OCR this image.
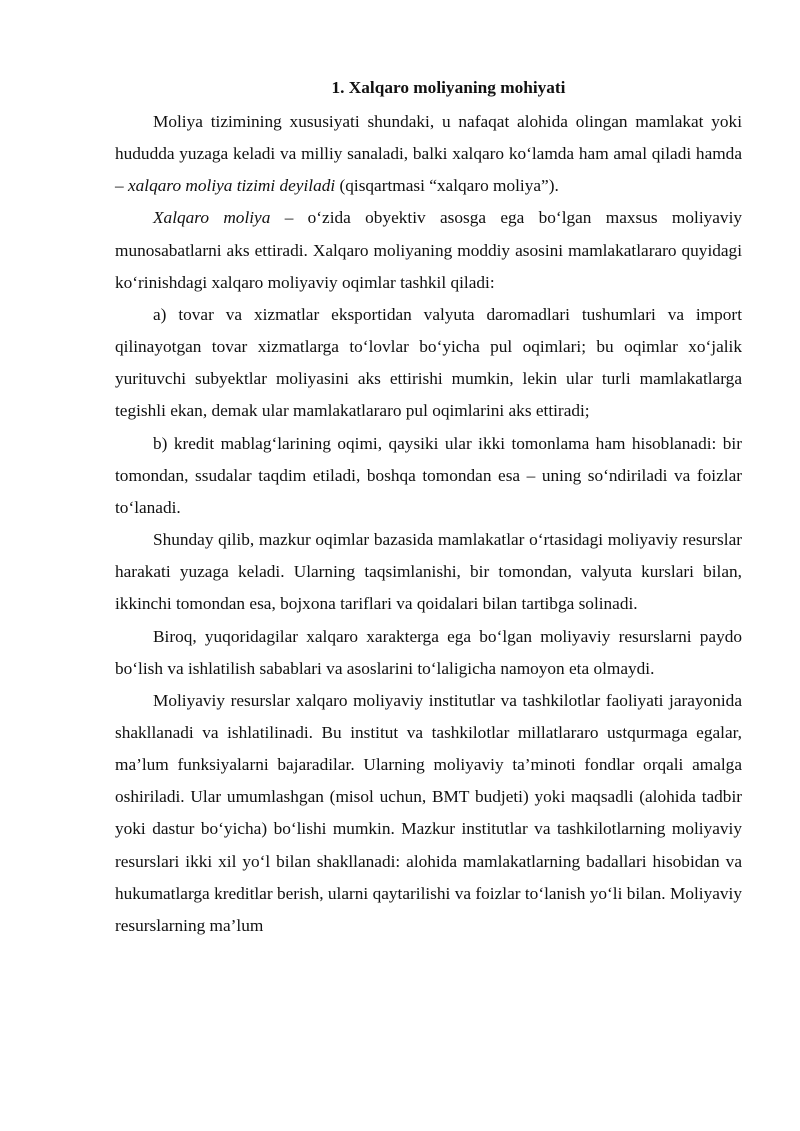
1. Xalqaro moliyaning mohiyati

Moliya tizimining xususiyati shundaki, u nafaqat alohida olingan mamlakat yoki hududda yuzaga keladi va milliy sanaladi, balki xalqaro ko‘lamda ham amal qiladi hamda – xalqaro moliya tizimi deyiladi (qisqartmasi “xalqaro moliya”).

Xalqaro moliya – o‘zida obyektiv asosga ega bo‘lgan maxsus moliyaviy munosabatlarni aks ettiradi. Xalqaro moliyaning moddiy asosini mamlakatlararo quyidagi ko‘rinishdagi xalqaro moliyaviy oqimlar tashkil qiladi:

a) tovar va xizmatlar eksportidan valyuta daromadlari tushumlari va import qilinayotgan tovar xizmatlarga to‘lovlar bo‘yicha pul oqimlari; bu oqimlar xo‘jalik yurituvchi subyektlar moliyasini aks ettirishi mumkin, lekin ular turli mamlakatlarga tegishli ekan, demak ular mamlakatlararo pul oqimlarini aks ettiradi;

b) kredit mablag‘larining oqimi, qaysiki ular ikki tomonlama ham hisoblanadi: bir tomondan, ssudalar taqdim etiladi, boshqa tomondan esa – uning so‘ndiriladi va foizlar to‘lanadi.

Shunday qilib, mazkur oqimlar bazasida mamlakatlar o‘rtasidagi moliyaviy resurslar harakati yuzaga keladi. Ularning taqsimlanishi, bir tomondan, valyuta kurslari bilan, ikkinchi tomondan esa, bojxona tariflari va qoidalari bilan tartibga solinadi.

Biroq, yuqoridagilar xalqaro xarakterga ega bo‘lgan moliyaviy resurslarni paydo bo‘lish va ishlatilish sabablari va asoslarini to‘laligicha namoyon eta olmaydi.

Moliyaviy resurslar xalqaro moliyaviy institutlar va tashkilotlar faoliyati jarayonida shakllanadi va ishlatilinadi. Bu institut va tashkilotlar millatlararo ustqurmaga egalar, ma’lum funksiyalarni bajaradilar. Ularning moliyaviy ta’minoti fondlar orqali amalga oshiriladi. Ular umumlashgan (misol uchun, BMT budjeti) yoki maqsadli (alohida tadbir yoki dastur bo‘yicha) bo‘lishi mumkin. Mazkur institutlar va tashkilotlarning moliyaviy resurslari ikki xil yo‘l bilan shakllanadi: alohida mamlakatlarning badallari hisobidan va hukumatlarga kreditlar berish, ularni qaytarilishi va foizlar to‘lanish yo‘li bilan. Moliyaviy resurslarning ma’lum
